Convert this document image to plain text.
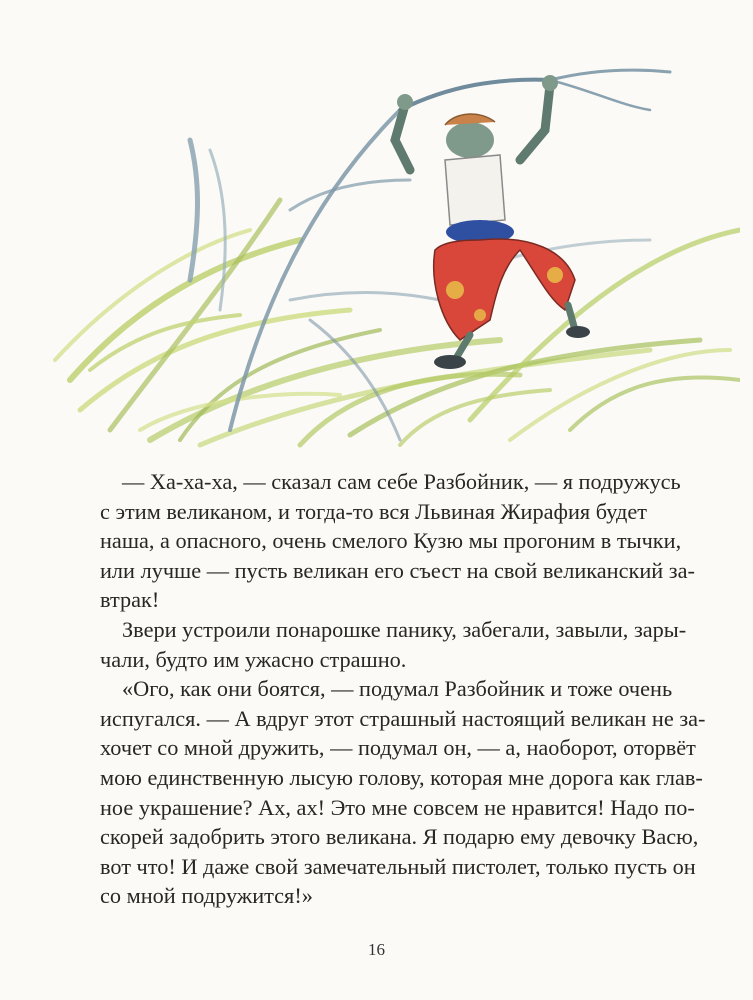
— Ха-ха-ха, — сказал сам себе Разбойник, — я подружусь

с этим великаном, и тогда-то вся Львиная Жирафия будет

наша, а опасного, очень смелого Кузю мы прогоним в тычки,

или лучше — пусть великан его съест на свой великанский за-

втрак!

Звери устроили понарошке панику, забегали, завыли, зары-

чали, будто им ужасно страшно.

«Ого, как они боятся, — подумал Разбойник и тоже очень

испугался. — А вдруг этот страшный настоящий великан не за-

хочет со мной дружить, — подумал он, — а, наоборот, оторвёт

мою единственную лысую голову, которая мне дорога как глав-

ное украшение? Ах, ах! Это мне совсем не нравится! Надо по-

скорей задобрить этого великана. Я подарю ему девочку Васю,

вот что! И даже свой замечательный пистолет, только пусть он

со мной подружится!»

16
